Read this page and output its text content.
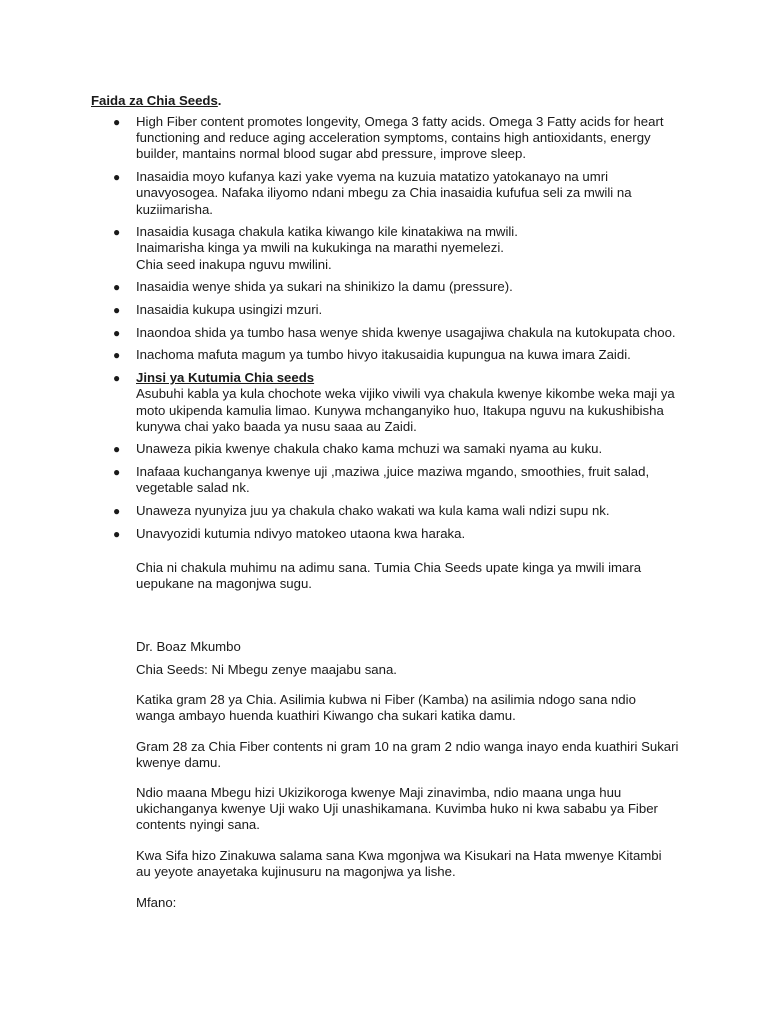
Faida za Chia Seeds.

● High Fiber content promotes longevity, Omega 3 fatty acids. Omega 3 Fatty acids for heart
functioning and reduce aging acceleration symptoms, contains high antioxidants, energy
builder, mantains normal blood sugar abd pressure, improve sleep.
● Inasaidia moyo kufanya kazi yake vyema na kuzuia matatizo yatokanayo na umri
unavyosogea. Nafaka iliyomo ndani mbegu za Chia inasaidia kufufua seli za mwili na
kuziimarisha.
● Inasaidia kusaga chakula katika kiwango kile kinatakiwa na mwili.
Inaimarisha kinga ya mwili na kukukinga na marathi nyemelezi.
Chia seed inakupa nguvu mwilini.
● Inasaidia wenye shida ya sukari na shinikizo la damu (pressure).
● Inasaidia kukupa usingizi mzuri.
● Inaondoa shida ya tumbo hasa wenye shida kwenye usagajiwa chakula na kutokupata choo.
● Inachoma mafuta magum ya tumbo hivyo itakusaidia kupungua na kuwa imara Zaidi.
● Jinsi ya Kutumia Chia seeds
Asubuhi kabla ya kula chochote weka vijiko viwili vya chakula kwenye kikombe weka maji ya
moto ukipenda kamulia limao. Kunywa mchanganyiko huo, Itakupa nguvu na kukushibisha
kunywa chai yako baada ya nusu saaa au Zaidi.
● Unaweza pikia kwenye chakula chako kama mchuzi wa samaki nyama au kuku.
● Inafaaa kuchanganya kwenye uji ,maziwa ,juice maziwa mgando, smoothies, fruit salad,
vegetable salad nk.
● Unaweza nyunyiza juu ya chakula chako wakati wa kula kama wali ndizi supu nk.
● Unavyozidi kutumia ndivyo matokeo utaona kwa haraka.

Chia ni chakula muhimu na adimu sana. Tumia Chia Seeds upate kinga ya mwili imara
uepukane na magonjwa sugu.

Dr. Boaz Mkumbo

Chia Seeds: Ni Mbegu zenye maajabu sana.

Katika gram 28 ya Chia. Asilimia kubwa ni Fiber (Kamba) na asilimia ndogo sana ndio
wanga ambayo huenda kuathiri Kiwango cha sukari katika damu.

Gram 28 za Chia Fiber contents ni gram 10 na gram 2 ndio wanga inayo enda kuathiri Sukari
kwenye damu.

Ndio maana Mbegu hizi Ukizikoroga kwenye Maji zinavimba, ndio maana unga huu
ukichanganya kwenye Uji wako Uji unashikamana. Kuvimba huko ni kwa sababu ya Fiber
contents nyingi sana.

Kwa Sifa hizo Zinakuwa salama sana Kwa mgonjwa wa Kisukari na Hata mwenye Kitambi
au yeyote anayetaka kujinusuru na magonjwa ya lishe.

Mfano:
